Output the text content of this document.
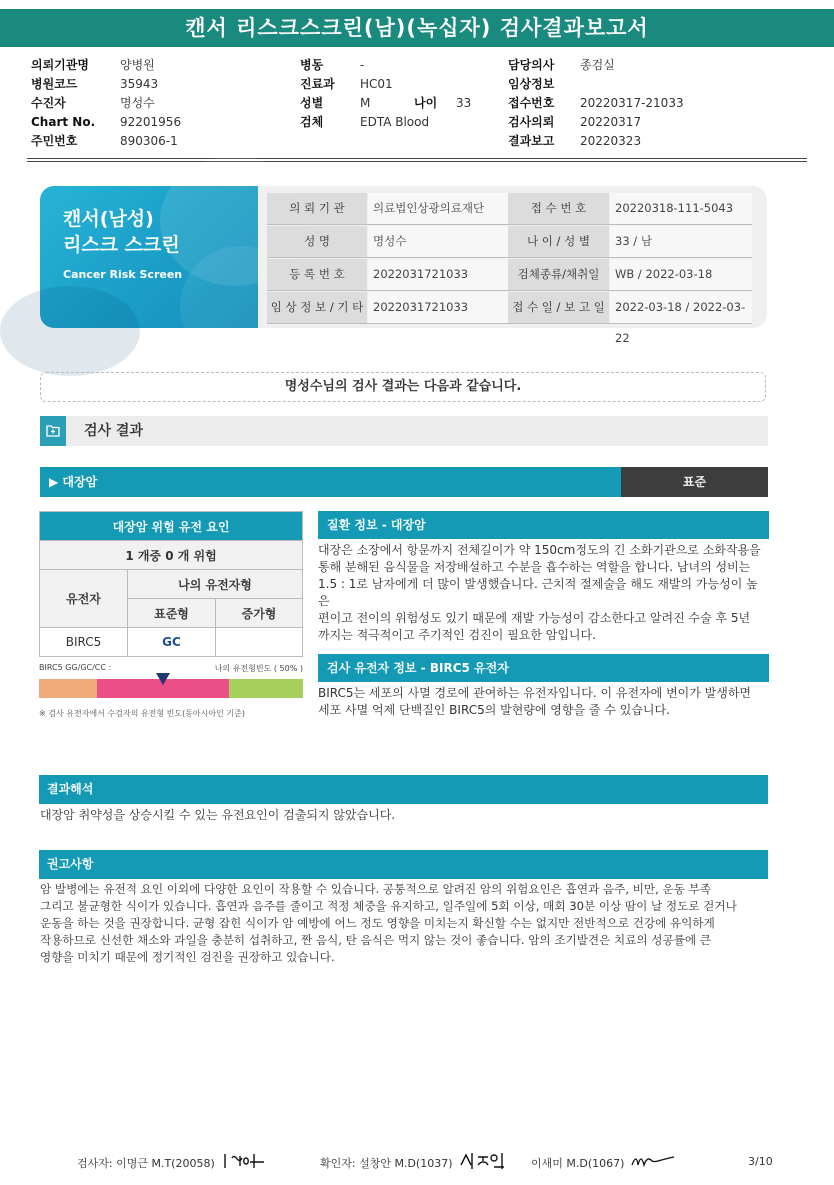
캔서 리스크스크린(남)(녹십자) 검사결과보고서
의뢰기관명	양병원
병원코드	35943
수진자	명성수
Chart No.	92201956
주민번호	890306-1
병동	-
진료과	HC01
성별	M	나이	33
검체	EDTA Blood
담당의사	종검실
임상정보
접수번호	20220317-21033
검사의뢰	20220317
결과보고	20220323
캔서(남성)
리스크 스크린
Cancer Risk Screen
의 뢰 기 관	의료법인상광의료재단	접 수 번 호	20220318-111-5043
성 명	명성수	나 이 / 성 별	33 / 남
등 록 번 호	2022031721033	검체종류/채취일	WB / 2022-03-18
임 상 정 보 / 기 타 2022031721033	접 수 일 / 보 고 일 2022-03-18 / 2022-03-22
명성수님의 검사 결과는 다음과 같습니다.
검사 결과
▶ 대장암	표준
대장암 위험 유전 요인		
1 개중 0 개 위험		
유전자	나의 유전자형	
	표준형	증가형
BIRC5	GC	
BIRC5 GG/GC/CC :	나의 유전형빈도 ( 50% )
※ 검사 유전자에서 수검자의 유전형 빈도(동아시아인 기준)
질환 정보 - 대장암
대장은 소장에서 항문까지 전체길이가 약 150cm정도의 긴 소화기관으로 소화작용을
통해 분해된 음식물을 저장배설하고 수분을 흡수하는 역할을 합니다. 남녀의 성비는
1.5 : 1로 남자에게 더 많이 발생했습니다. 근치적 절제술을 해도 재발의 가능성이 높은
편이고 전이의 위험성도 있기 때문에 재발 가능성이 감소한다고 알려진 수술 후 5년
까지는 적극적이고 주기적인 검진이 필요한 암입니다.
검사 유전자 정보 - BIRC5 유전자
BIRC5는 세포의 사멸 경로에 관여하는 유전자입니다. 이 유전자에 변이가 발생하면
세포 사멸 억제 단백질인 BIRC5의 발현량에 영향을 줄 수 있습니다.
결과해석
대장암 취약성을 상승시킬 수 있는 유전요인이 검출되지 않았습니다.
권고사항
암 발병에는 유전적 요인 이외에 다양한 요인이 작용할 수 있습니다. 공통적으로 알려진 암의 위험요인은 흡연과 음주, 비만, 운동 부족
그리고 불균형한 식이가 있습니다. 흡연과 음주를 줄이고 적정 체중을 유지하고, 일주일에 5회 이상, 매회 30분 이상 땀이 날 정도로 걷거나
운동을 하는 것을 권장합니다. 균형 잡힌 식이가 암 예방에 어느 정도 영향을 미치는지 확신할 수는 없지만 전반적으로 건강에 유익하게
작용하므로 신선한 채소와 과일을 충분히 섭취하고, 짠 음식, 탄 음식은 먹지 않는 것이 좋습니다. 암의 조기발견은 치료의 성공률에 큰
영향을 미치기 때문에 정기적인 검진을 권장하고 있습니다.
검사자: 이명근 M.T(20058)	확인자: 설창안 M.D(1037)	이새미 M.D(1067)	3/10
